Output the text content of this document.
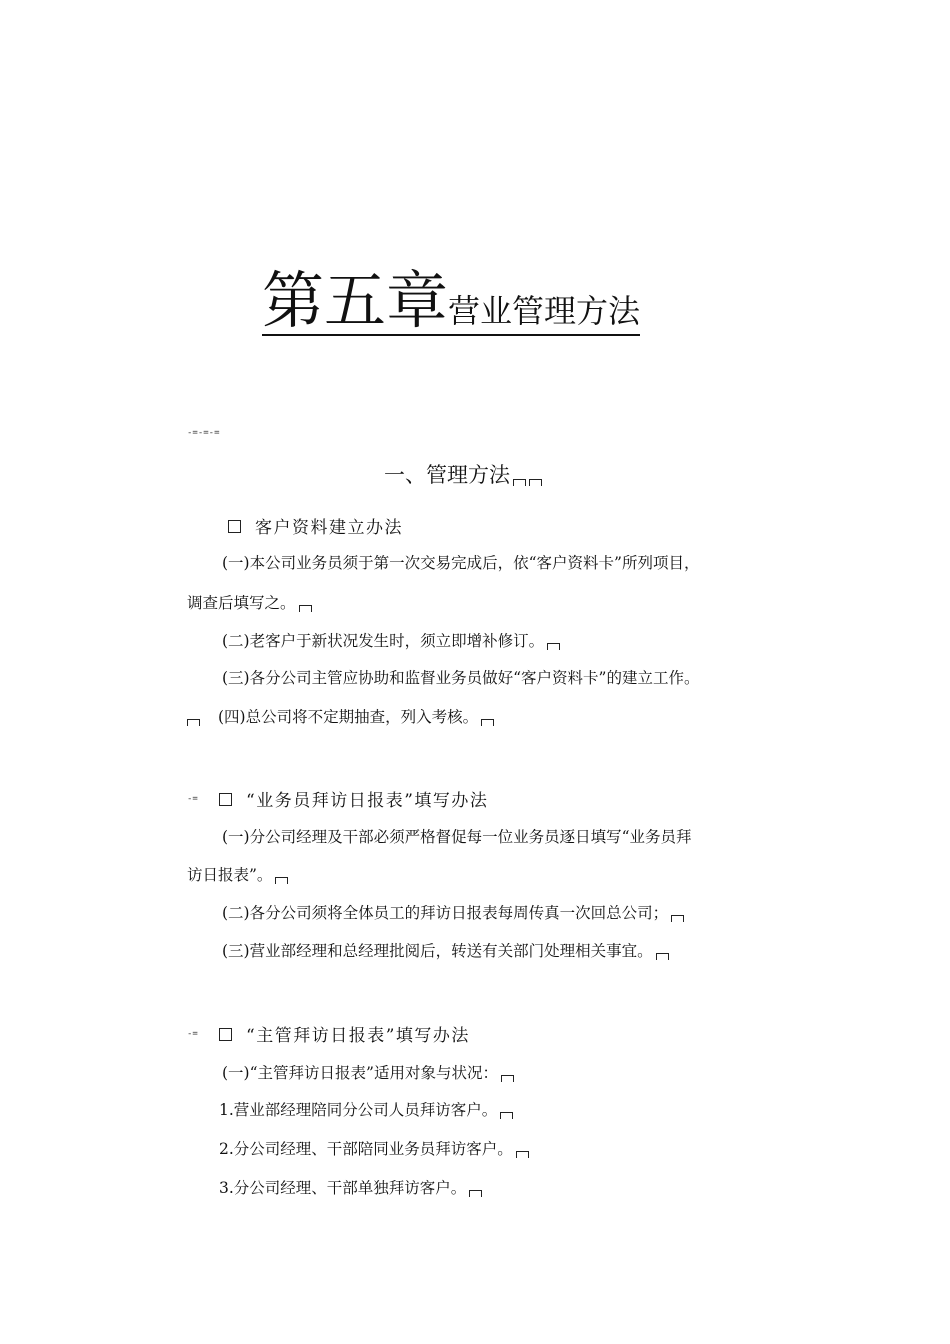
第五章营业管理方法
-=-=-=
一、管理方法
客户资料建立办法
(一)本公司业务员须于第一次交易完成后，依“客户资料卡”所列项目，
调查后填写之。
(二)老客户于新状况发生时，须立即增补修订。
(三)各分公司主管应协助和监督业务员做好“客户资料卡”的建立工作。
(四)总公司将不定期抽查，列入考核。
-=	“业务员拜访日报表”填写办法
(一)分公司经理及干部必须严格督促每一位业务员逐日填写“业务员拜
访日报表”。
(二)各分公司须将全体员工的拜访日报表每周传真一次回总公司；
(三)营业部经理和总经理批阅后，转送有关部门处理相关事宜。
-=	“主管拜访日报表”填写办法
(一)“主管拜访日报表”适用对象与状况：
1.营业部经理陪同分公司人员拜访客户。
2.分公司经理、干部陪同业务员拜访客户。
3.分公司经理、干部单独拜访客户。
